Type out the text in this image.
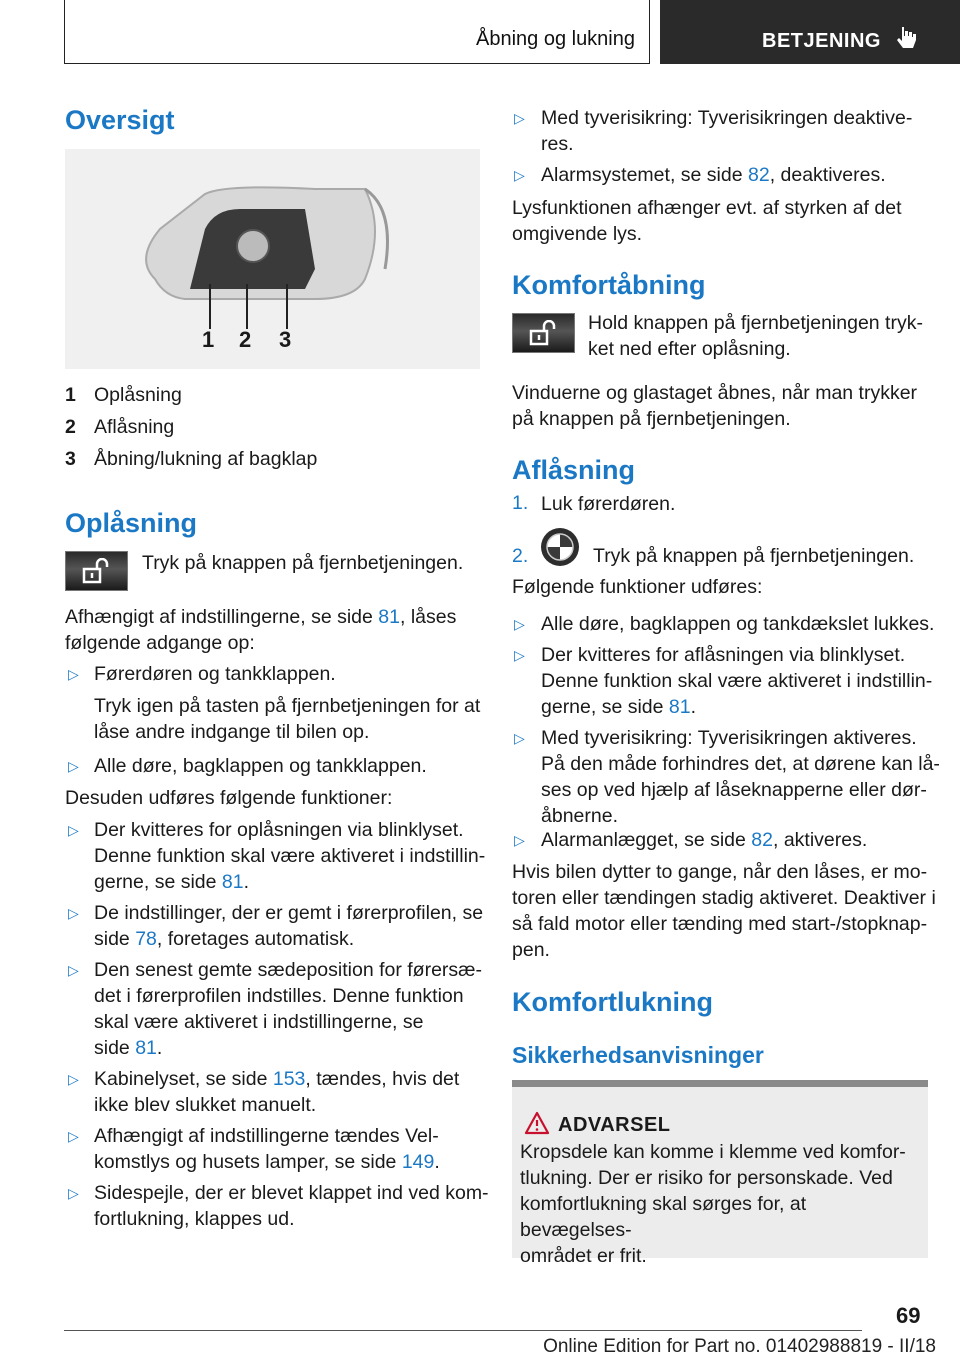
Åbning og lukning	BETJENING
Oversigt
1 2 3
1 Oplåsning
2 Aflåsning
3 Åbning/lukning af bagklap
Oplåsning
Tryk på knappen på fjernbetjeningen.
Afhængigt af indstillingerne, se side 81, låses
følgende adgange op:
▷ Førerdøren og tankklappen.
Tryk igen på tasten på fjernbetjeningen for at
låse andre indgange til bilen op.
▷ Alle døre, bagklappen og tankklappen.
Desuden udføres følgende funktioner:
▷ Der kvitteres for oplåsningen via blinklyset.
Denne funktion skal være aktiveret i indstillin‐
gerne, se side 81.
▷ De indstillinger, der er gemt i førerprofilen, se
side 78, foretages automatisk.
▷ Den senest gemte sædeposition for førersæ‐
det i førerprofilen indstilles. Denne funktion
skal være aktiveret i indstillingerne, se
side 81.
▷ Kabinelyset, se side 153, tændes, hvis det
ikke blev slukket manuelt.
▷ Afhængigt af indstillingerne tændes Vel‐
komstlys og husets lamper, se side 149.
▷ Sidespejle, der er blevet klappet ind ved kom‐
fortlukning, klappes ud.
▷ Med tyverisikring: Tyverisikringen deaktive‐
res.
▷ Alarmsystemet, se side 82, deaktiveres.
Lysfunktionen afhænger evt. af styrken af det
omgivende lys.
Komfortåbning
Hold knappen på fjernbetjeningen tryk‐
ket ned efter oplåsning.
Vinduerne og glastaget åbnes, når man trykker
på knappen på fjernbetjeningen.
Aflåsning
1. Luk førerdøren.
2.	Tryk på knappen på fjernbetjeningen.
Følgende funktioner udføres:
▷ Alle døre, bagklappen og tankdækslet lukkes.
▷ Der kvitteres for aflåsningen via blinklyset.
Denne funktion skal være aktiveret i indstillin‐
gerne, se side 81.
▷ Med tyverisikring: Tyverisikringen aktiveres.
På den måde forhindres det, at dørene kan lå‐
ses op ved hjælp af låseknapperne eller dør‐
åbnerne.
▷ Alarmanlægget, se side 82, aktiveres.
Hvis bilen dytter to gange, når den låses, er mo‐
toren eller tændingen stadig aktiveret. Deaktiver i
så fald motor eller tænding med start-/stopknap‐
pen.
Komfortlukning
Sikkerhedsanvisninger
ADVARSEL
Kropsdele kan komme i klemme ved komfor‐
tlukning. Der er risiko for personskade. Ved
komfortlukning skal sørges for, at bevægelses‐
området er frit.
69
Online Edition for Part no. 01402988819 - II/18
